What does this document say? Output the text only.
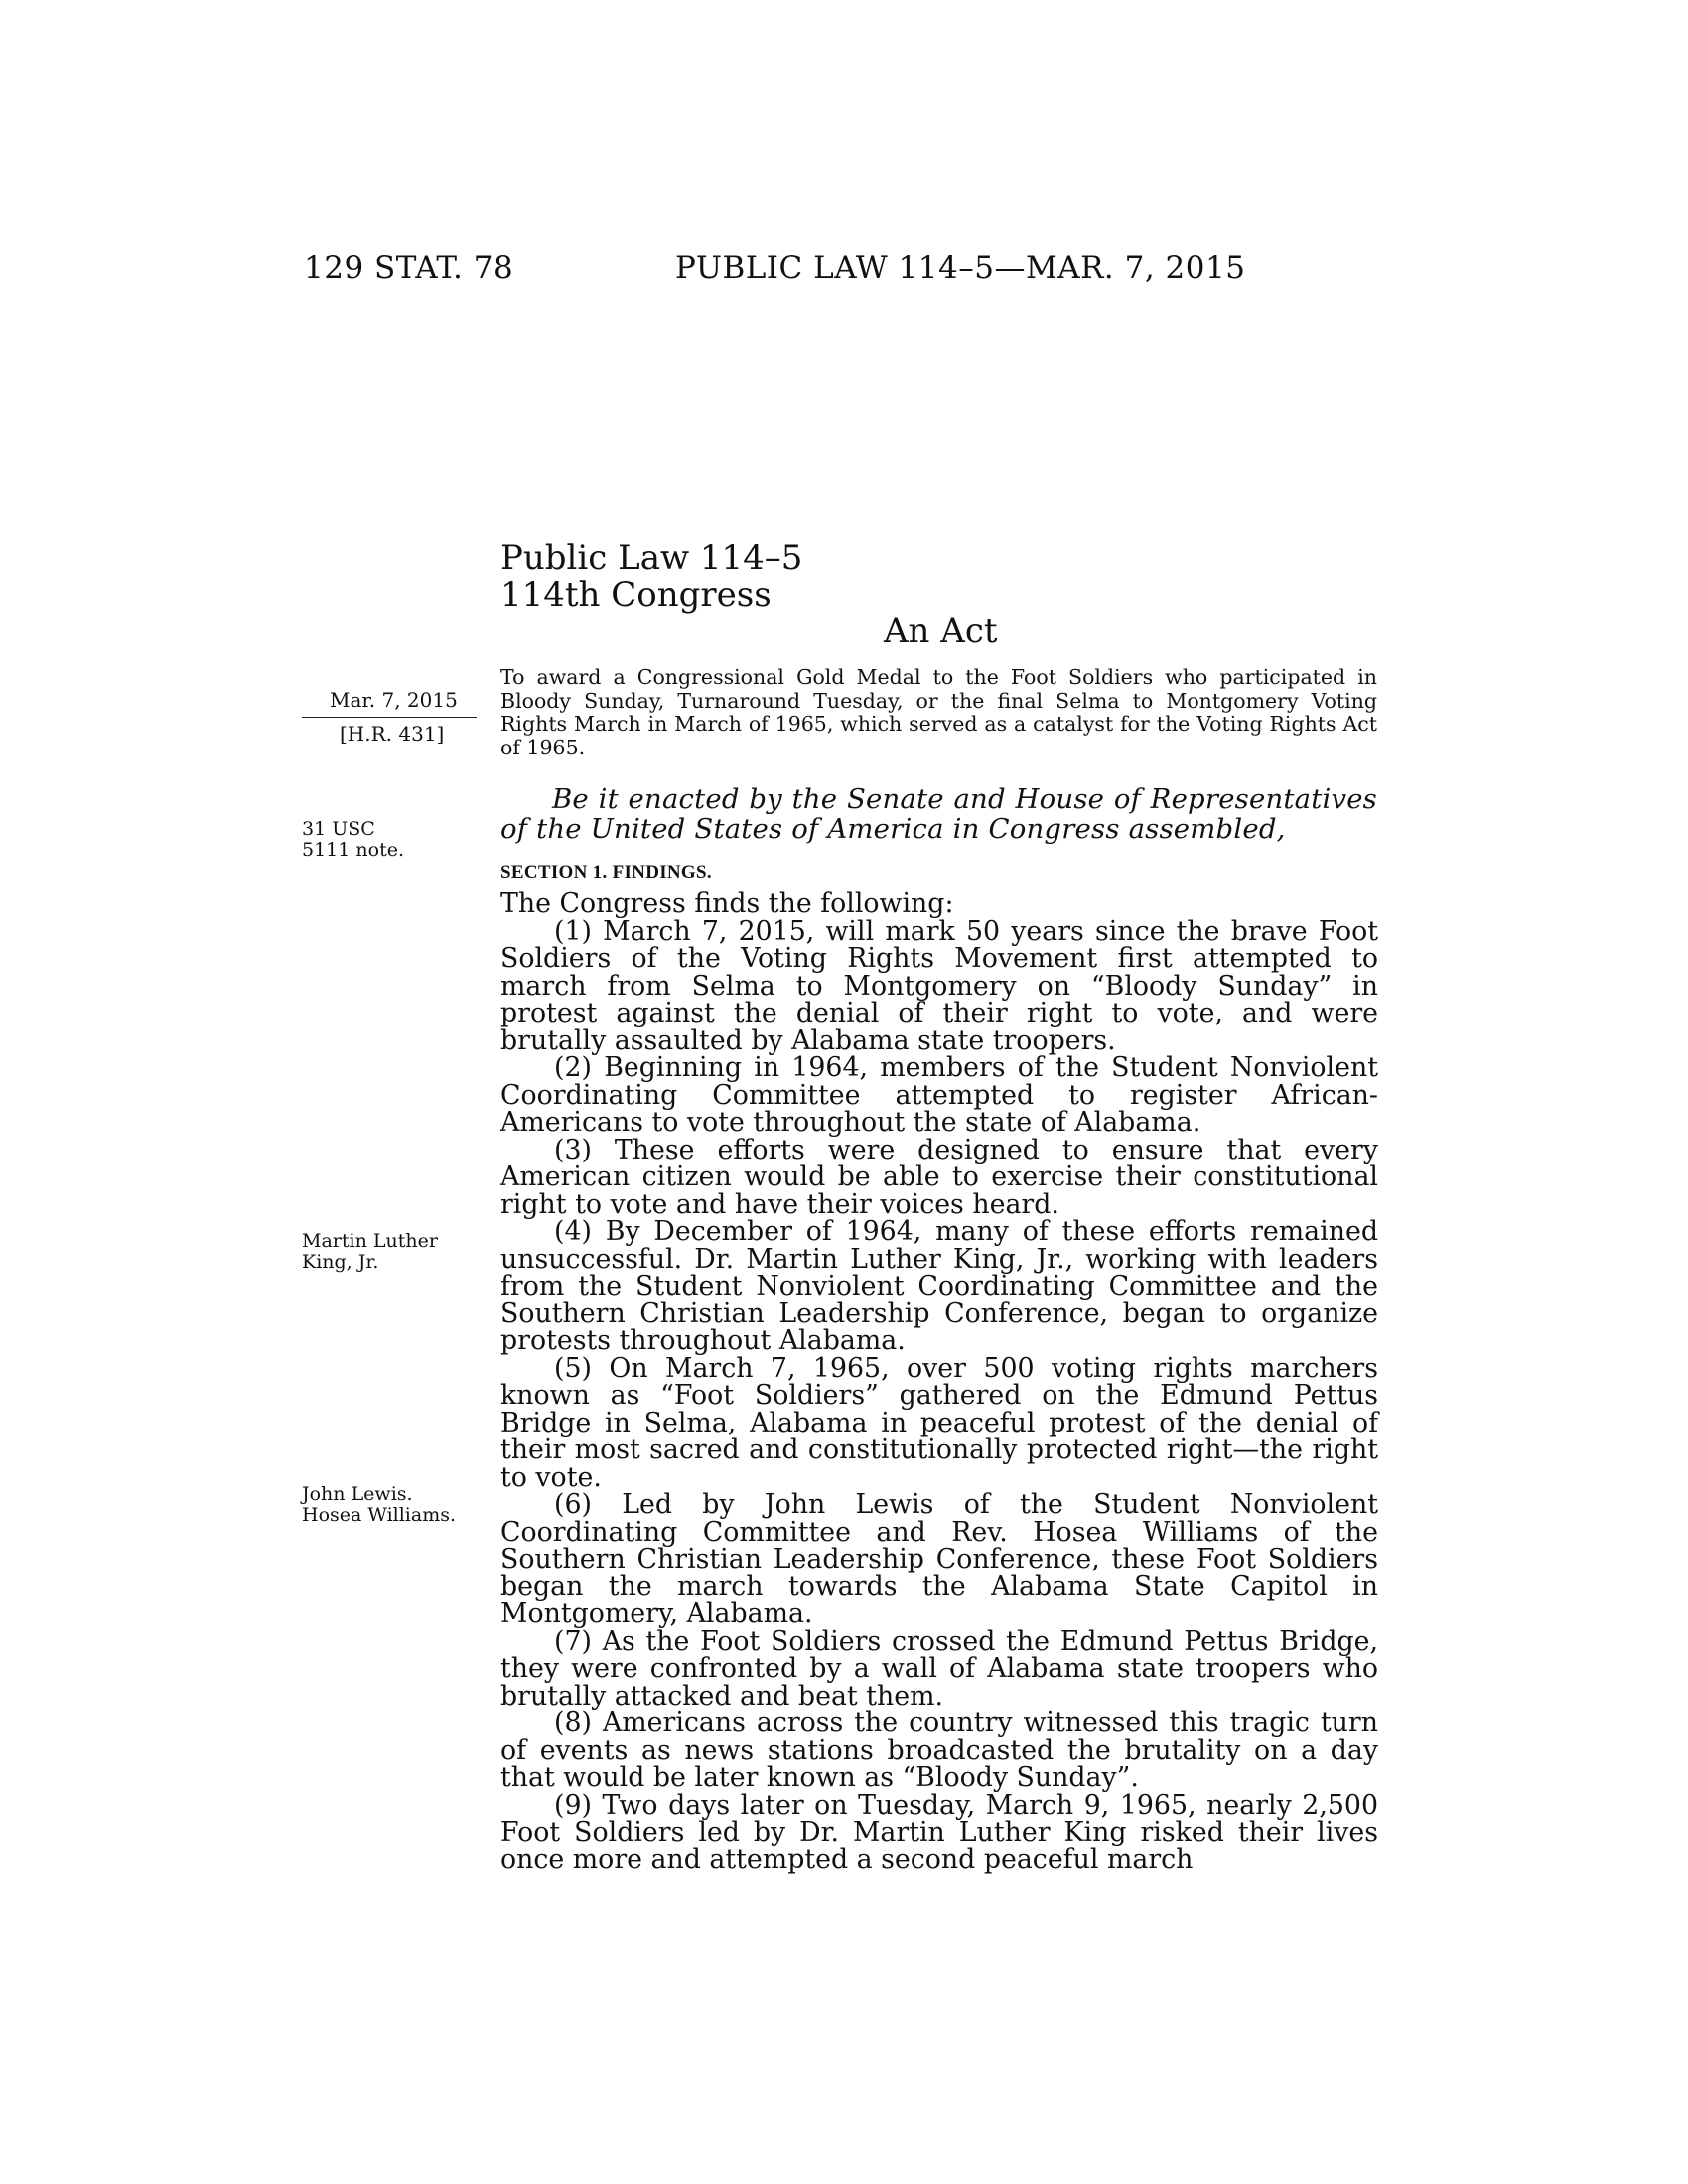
129 STAT. 78	PUBLIC LAW 114–5—MAR. 7, 2015
Public Law 114–5
114th Congress
An Act
Mar. 7, 2015
[H.R. 431]
31 USC 5111 note.
Martin Luther King, Jr.
John Lewis.
Hosea Williams.
To award a Congressional Gold Medal to the Foot Soldiers who participated in Bloody Sunday, Turnaround Tuesday, or the final Selma to Montgomery Voting Rights March in March of 1965, which served as a catalyst for the Voting Rights Act of 1965.
Be it enacted by the Senate and House of Representatives of the United States of America in Congress assembled,
SECTION 1. FINDINGS.

The Congress finds the following:

(1) March 7, 2015, will mark 50 years since the brave Foot Soldiers of the Voting Rights Movement first attempted to march from Selma to Montgomery on “Bloody Sunday” in protest against the denial of their right to vote, and were brutally assaulted by Alabama state troopers.

(2) Beginning in 1964, members of the Student Nonviolent Coordinating Committee attempted to register African-Americans to vote throughout the state of Alabama.

(3) These efforts were designed to ensure that every American citizen would be able to exercise their constitutional right to vote and have their voices heard.

(4) By December of 1964, many of these efforts remained unsuccessful. Dr. Martin Luther King, Jr., working with leaders from the Student Nonviolent Coordinating Committee and the Southern Christian Leadership Conference, began to organize protests throughout Alabama.

(5) On March 7, 1965, over 500 voting rights marchers known as “Foot Soldiers” gathered on the Edmund Pettus Bridge in Selma, Alabama in peaceful protest of the denial of their most sacred and constitutionally protected right—the right to vote.

(6) Led by John Lewis of the Student Nonviolent Coordinating Committee and Rev. Hosea Williams of the Southern Christian Leadership Conference, these Foot Soldiers began the march towards the Alabama State Capitol in Montgomery, Alabama.

(7) As the Foot Soldiers crossed the Edmund Pettus Bridge, they were confronted by a wall of Alabama state troopers who brutally attacked and beat them.

(8) Americans across the country witnessed this tragic turn of events as news stations broadcasted the brutality on a day that would be later known as “Bloody Sunday”.

(9) Two days later on Tuesday, March 9, 1965, nearly 2,500 Foot Soldiers led by Dr. Martin Luther King risked their lives once more and attempted a second peaceful march
